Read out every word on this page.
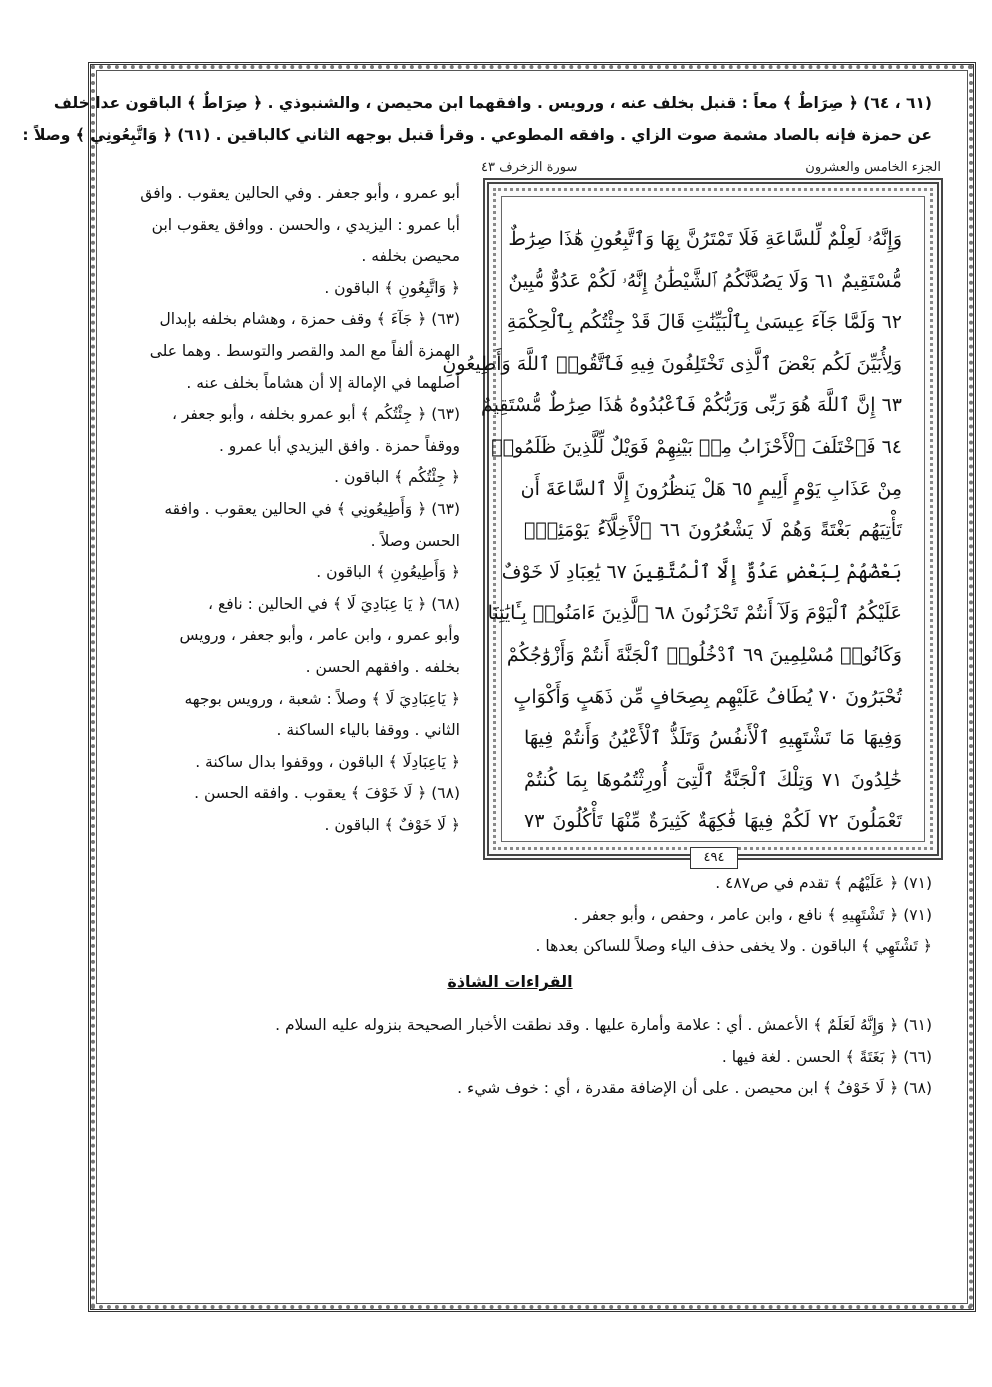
(٦١ ، ٦٤) ﴿ صِرَاطٌ ﴾ معاً : قنبل بخلف عنه ، ورويس . وافقهما ابن محيصن ، والشنبوذي . ﴿ صِرَاطٌ ﴾ الباقون عدا خلف
عن حمزة فإنه بالصاد مشمة صوت الزاي . وافقه المطوعي . وقرأ قنبل بوجهه الثاني كالباقين . (٦١) ﴿ وَاتَّبِعُونِي ﴾ وصلاً :
الجزء الخامس والعشرون
سورة الزخرف ٤٣
وَإِنَّهُۥ لَعِلْمٌ لِّلسَّاعَةِ فَلَا تَمْتَرُنَّ بِهَا وَٱتَّبِعُونِ هَٰذَا صِرَٰطٌ
مُّسْتَقِيمٌ ٦١ وَلَا يَصُدَّنَّكُمُ ٱلشَّيْطَٰنُ إِنَّهُۥ لَكُمْ عَدُوٌّ مُّبِينٌ
٦٢ وَلَمَّا جَآءَ عِيسَىٰ بِٱلْبَيِّنَٰتِ قَالَ قَدْ جِئْتُكُم بِٱلْحِكْمَةِ
وَلِأُبَيِّنَ لَكُم بَعْضَ ٱلَّذِى تَخْتَلِفُونَ فِيهِ فَٱتَّقُوا۟ ٱللَّهَ وَأَطِيعُونِ
٦٣ إِنَّ ٱللَّهَ هُوَ رَبِّى وَرَبُّكُمْ فَٱعْبُدُوهُ هَٰذَا صِرَٰطٌ مُّسْتَقِيمٌ
٦٤ فَٱخْتَلَفَ ٱلْأَحْزَابُ مِنۢ بَيْنِهِمْ فَوَيْلٌ لِّلَّذِينَ ظَلَمُوا۟
مِنْ عَذَابِ يَوْمٍ أَلِيمٍ ٦٥ هَلْ يَنظُرُونَ إِلَّا ٱلسَّاعَةَ أَن
تَأْتِيَهُم بَغْتَةً وَهُمْ لَا يَشْعُرُونَ ٦٦ ٱلْأَخِلَّآءُ يَوْمَئِذٍۭ
بَعْضُهُمْ لِبَعْضٍ عَدُوٌّ إِلَّا ٱلْمُتَّقِينَ ٦٧ يَٰعِبَادِ لَا خَوْفٌ
عَلَيْكُمُ ٱلْيَوْمَ وَلَآ أَنتُمْ تَحْزَنُونَ ٦٨ ٱلَّذِينَ ءَامَنُوا۟ بِـَٔايَٰتِنَا
وَكَانُوا۟ مُسْلِمِينَ ٦٩ ٱدْخُلُوا۟ ٱلْجَنَّةَ أَنتُمْ وَأَزْوَٰجُكُمْ
تُحْبَرُونَ ٧٠ يُطَافُ عَلَيْهِم بِصِحَافٍ مِّن ذَهَبٍ وَأَكْوَابٍ
وَفِيهَا مَا تَشْتَهِيهِ ٱلْأَنفُسُ وَتَلَذُّ ٱلْأَعْيُنُ وَأَنتُمْ فِيهَا
خَٰلِدُونَ ٧١ وَتِلْكَ ٱلْجَنَّةُ ٱلَّتِىٓ أُورِثْتُمُوهَا بِمَا كُنتُمْ
تَعْمَلُونَ ٧٢ لَكُمْ فِيهَا فَٰكِهَةٌ كَثِيرَةٌ مِّنْهَا تَأْكُلُونَ ٧٣
٤٩٤
أبو عمرو ، وأبو جعفر . وفي الحالين يعقوب . وافق
أبا عمرو : اليزيدي ، والحسن . ووافق يعقوب ابن
محيصن بخلفه .
﴿ وَاتَّبِعُونِ ﴾ الباقون .
(٦٣) ﴿ جَآءَ ﴾ وقف حمزة ، وهشام بخلفه بإبدال
الهمزة ألفاً مع المد والقصر والتوسط . وهما على
أصلهما في الإمالة إلا أن هشاماً بخلف عنه .
(٦٣) ﴿ جِئْتُكُم ﴾ أبو عمرو بخلفه ، وأبو جعفر ،
ووقفاً حمزة . وافق اليزيدي أبا عمرو .
﴿ جِئْتُكُم ﴾ الباقون .
(٦٣) ﴿ وَأَطِيعُونِي ﴾ في الحالين يعقوب . وافقه
الحسن وصلاً .
﴿ وَأَطِيعُونِ ﴾ الباقون .
(٦٨) ﴿ يَا عِبَادِيَ لَا ﴾ في الحالين : نافع ،
وأبو عمرو ، وابن عامر ، وأبو جعفر ، ورويس
بخلفه . وافقهم الحسن .
﴿ يَاعِبَادِيَ لَا ﴾ وصلاً : شعبة ، ورويس بوجهه
الثاني . ووقفا بالياء الساكنة .
﴿ يَاعِبَادِلَا ﴾ الباقون ، ووقفوا بدال ساكنة .
(٦٨) ﴿ لَا خَوْفَ ﴾ يعقوب . وافقه الحسن .
﴿ لَا خَوْفٌ ﴾ الباقون .
(٧١) ﴿ عَلَيْهُم ﴾ تقدم في ص٤٨٧ .
(٧١) ﴿ تَشْتَهِيهِ ﴾ نافع ، وابن عامر ، وحفص ، وأبو جعفر .
﴿ تَشْتَهِي ﴾ الباقون . ولا يخفى حذف الياء وصلاً للساكن بعدها .
القراءات الشاذة
(٦١) ﴿ وَإِنَّهُ لَعَلَمٌ ﴾ الأعمش . أي : علامة وأمارة عليها . وقد نطقت الأخبار الصحيحة بنزوله عليه السلام .
(٦٦) ﴿ بَغَتَةً ﴾ الحسن . لغة فيها .
(٦٨) ﴿ لَا خَوْفُ ﴾ ابن محيصن . على أن الإضافة مقدرة ، أي : خوف شيء .
